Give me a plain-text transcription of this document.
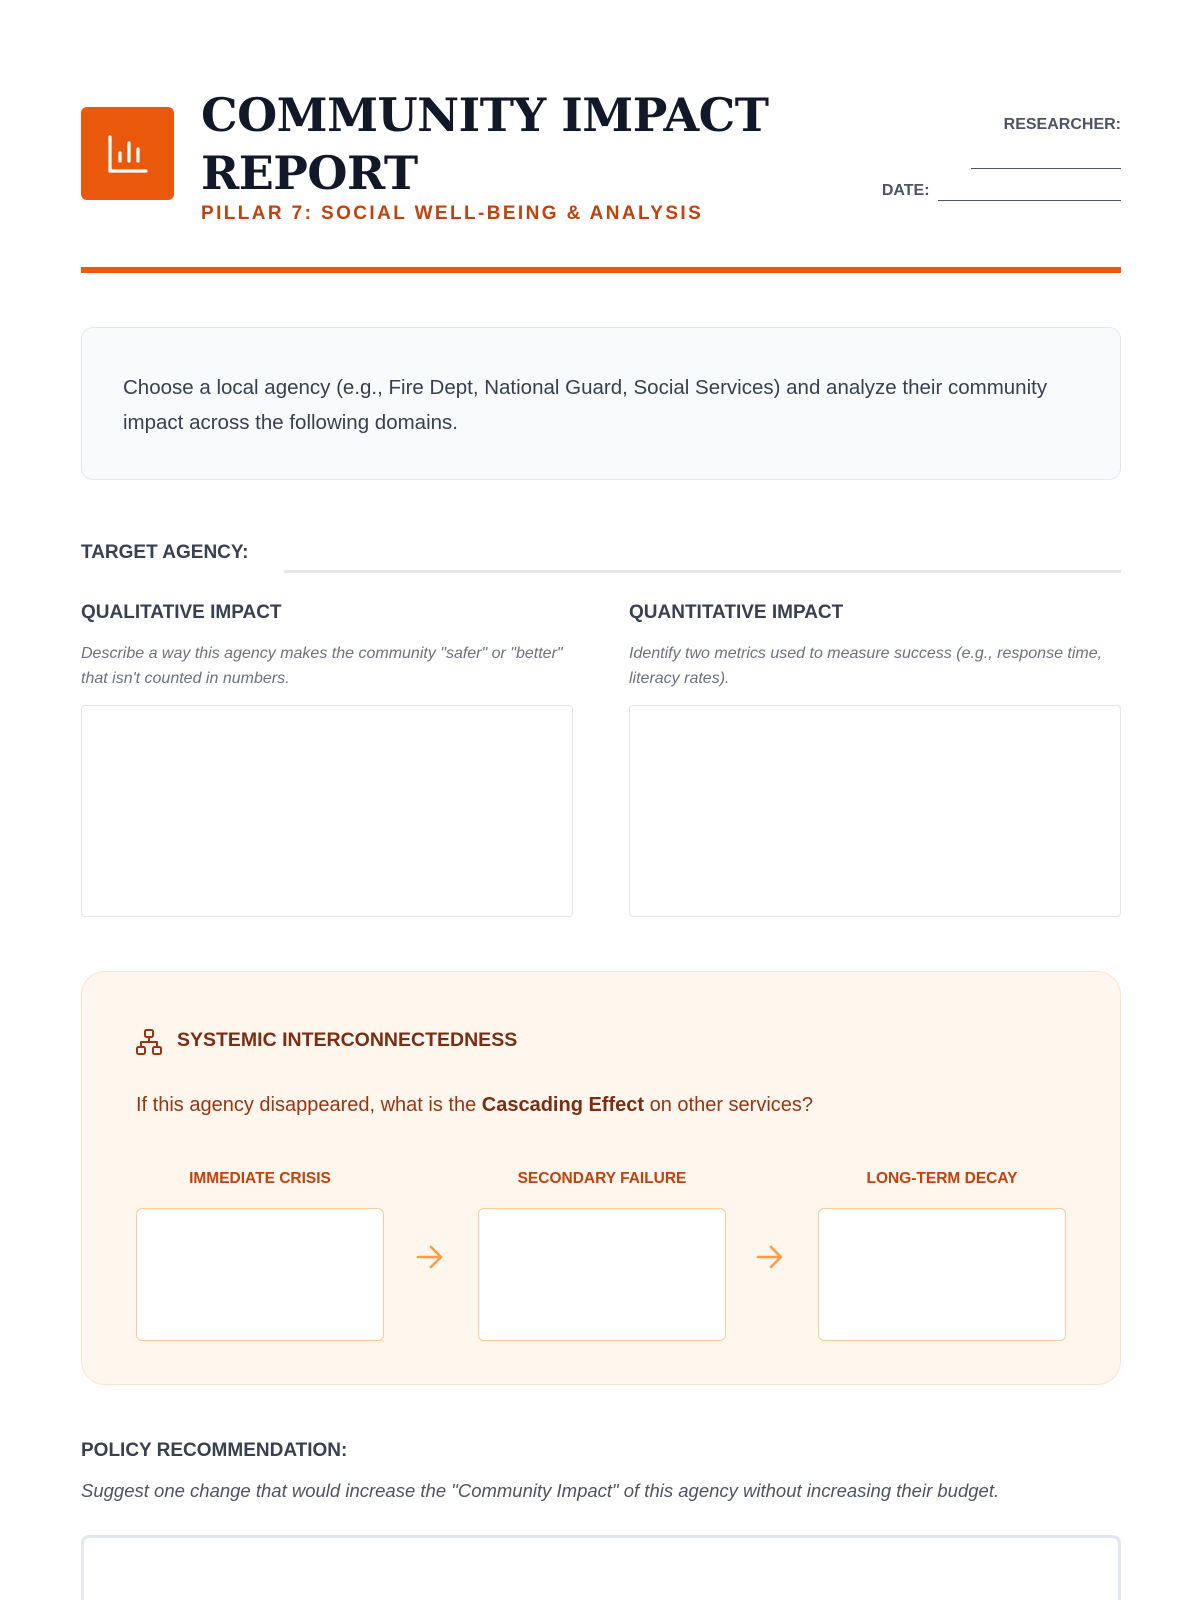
COMMUNITY IMPACT
REPORT
PILLAR 7: SOCIAL WELL-BEING & ANALYSIS
RESEARCHER:
DATE:
Choose a local agency (e.g., Fire Dept, National Guard, Social Services) and analyze their community impact across the following domains.
TARGET AGENCY:
QUALITATIVE IMPACT
Describe a way this agency makes the community "safer" or "better" that isn't counted in numbers.
QUANTITATIVE IMPACT
Identify two metrics used to measure success (e.g., response time, literacy rates).
SYSTEMIC INTERCONNECTEDNESS
If this agency disappeared, what is the Cascading Effect on other services?
IMMEDIATE CRISIS	SECONDARY FAILURE	LONG-TERM DECAY
POLICY RECOMMENDATION:
Suggest one change that would increase the "Community Impact" of this agency without increasing their budget.
